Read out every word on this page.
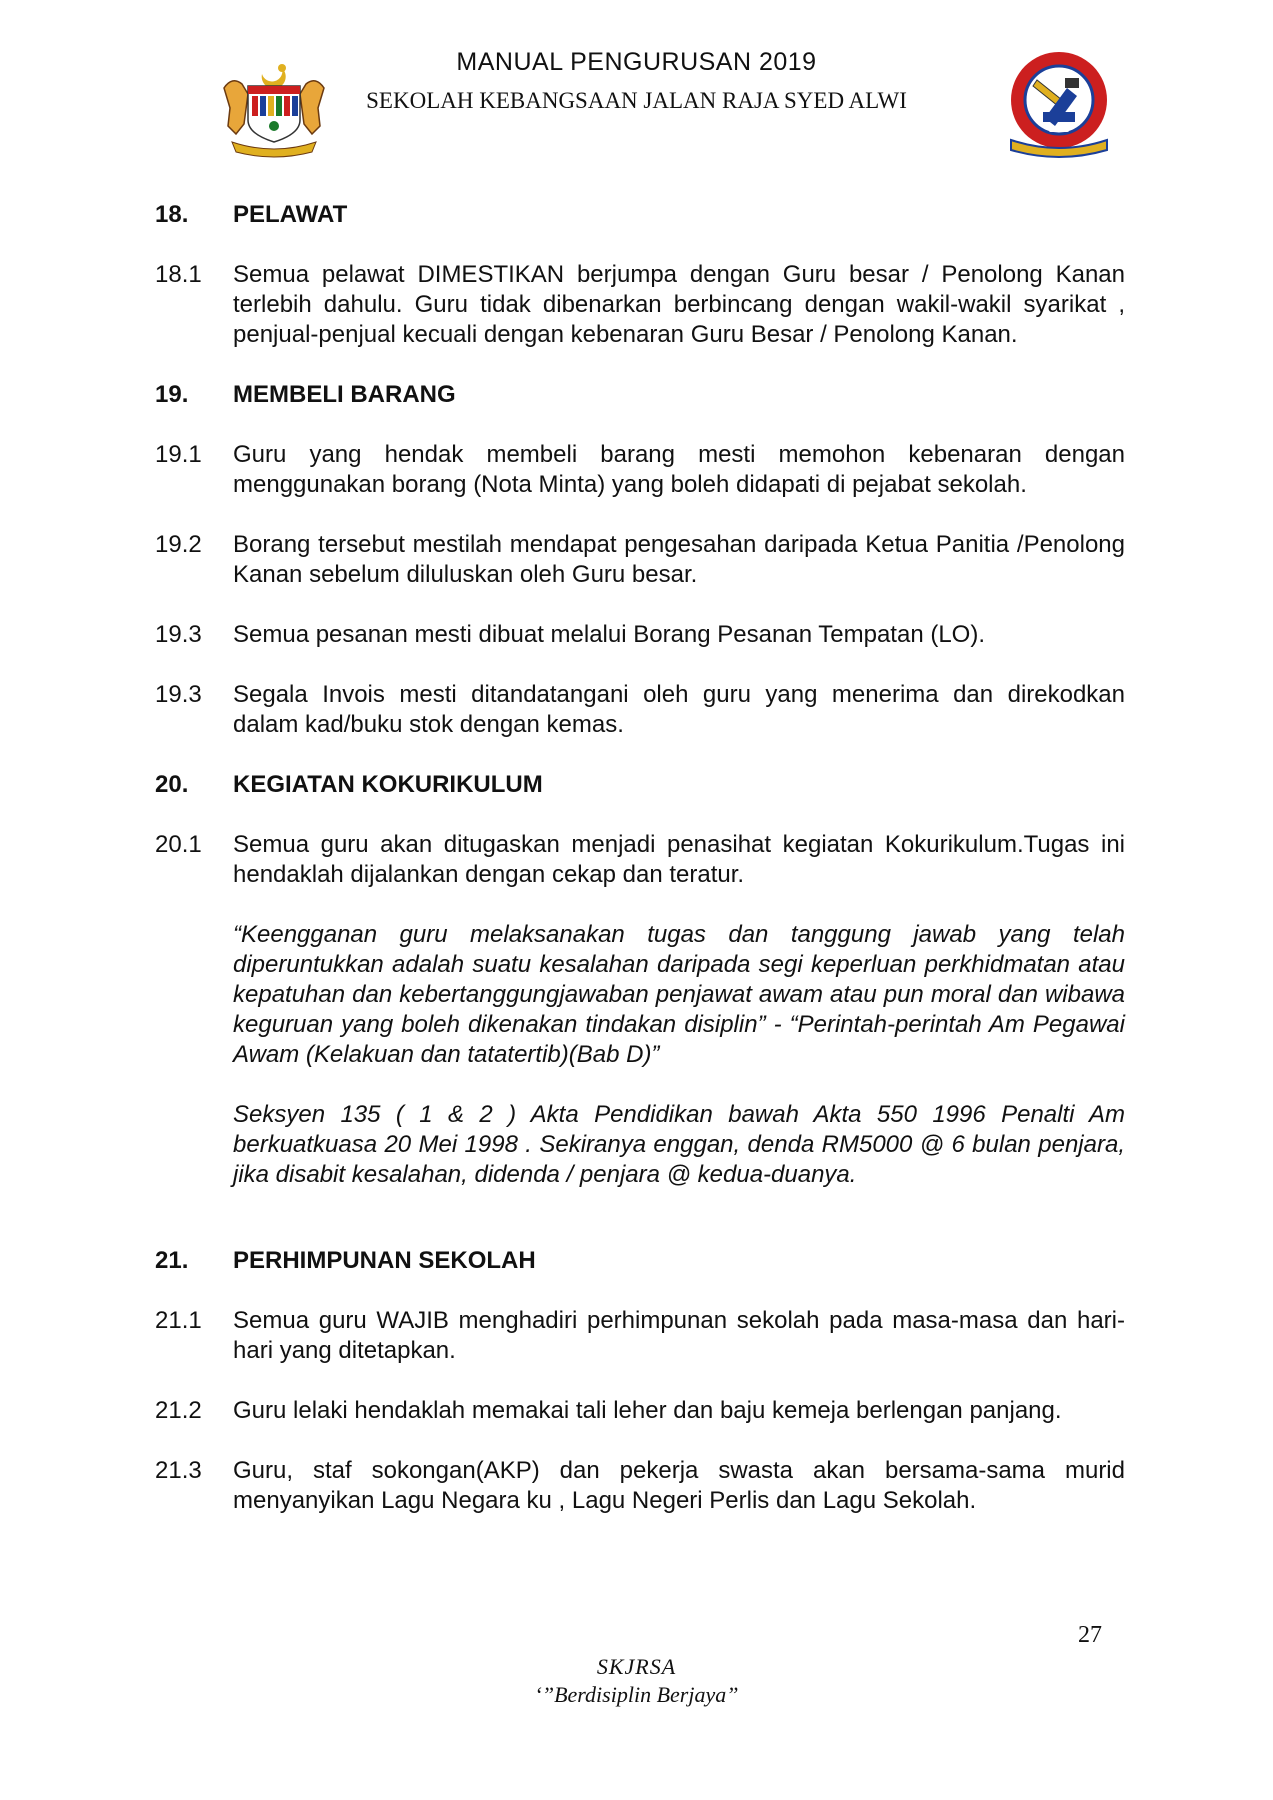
MANUAL PENGURUSAN 2019
SEKOLAH KEBANGSAAN JALAN RAJA SYED ALWI
2001
18.	PELAWAT
18.1	Semua pelawat DIMESTIKAN berjumpa dengan Guru besar / Penolong Kanan terlebih dahulu. Guru tidak dibenarkan berbincang dengan wakil-wakil syarikat , penjual-penjual kecuali dengan kebenaran Guru Besar / Penolong Kanan.
19.	MEMBELI BARANG
19.1	Guru yang hendak membeli barang mesti memohon kebenaran dengan menggunakan borang (Nota Minta) yang boleh didapati di pejabat sekolah.
19.2	Borang tersebut mestilah mendapat pengesahan daripada Ketua Panitia /Penolong Kanan sebelum diluluskan oleh Guru besar.
19.3	Semua pesanan mesti dibuat melalui Borang Pesanan Tempatan (LO).
19.3	Segala Invois mesti ditandatangani oleh guru yang menerima dan direkodkan dalam kad/buku stok dengan kemas.
20.	KEGIATAN KOKURIKULUM
20.1	Semua guru akan ditugaskan menjadi penasihat kegiatan Kokurikulum.Tugas ini hendaklah dijalankan dengan cekap dan teratur.
“Keengganan guru melaksanakan tugas dan tanggung jawab yang telah diperuntukkan adalah suatu kesalahan daripada segi keperluan perkhidmatan atau kepatuhan dan kebertanggungjawaban penjawat awam atau pun moral dan wibawa keguruan yang boleh dikenakan tindakan disiplin” - “Perintah-perintah Am Pegawai Awam (Kelakuan dan tatatertib)(Bab D)”
Seksyen 135 ( 1 & 2 ) Akta Pendidikan bawah Akta 550 1996 Penalti Am berkuatkuasa 20 Mei 1998 . Sekiranya enggan, denda RM5000 @ 6 bulan penjara, jika disabit kesalahan, didenda / penjara @ kedua-duanya.
21.	PERHIMPUNAN SEKOLAH
21.1	Semua guru WAJIB menghadiri perhimpunan sekolah pada masa-masa dan hari-hari yang ditetapkan.
21.2	Guru lelaki hendaklah memakai tali leher dan baju kemeja berlengan panjang.
21.3	Guru, staf sokongan(AKP) dan pekerja swasta akan bersama-sama murid menyanyikan Lagu Negara ku , Lagu Negeri Perlis dan Lagu Sekolah.
27
SKJRSA
‘”Berdisiplin Berjaya”
